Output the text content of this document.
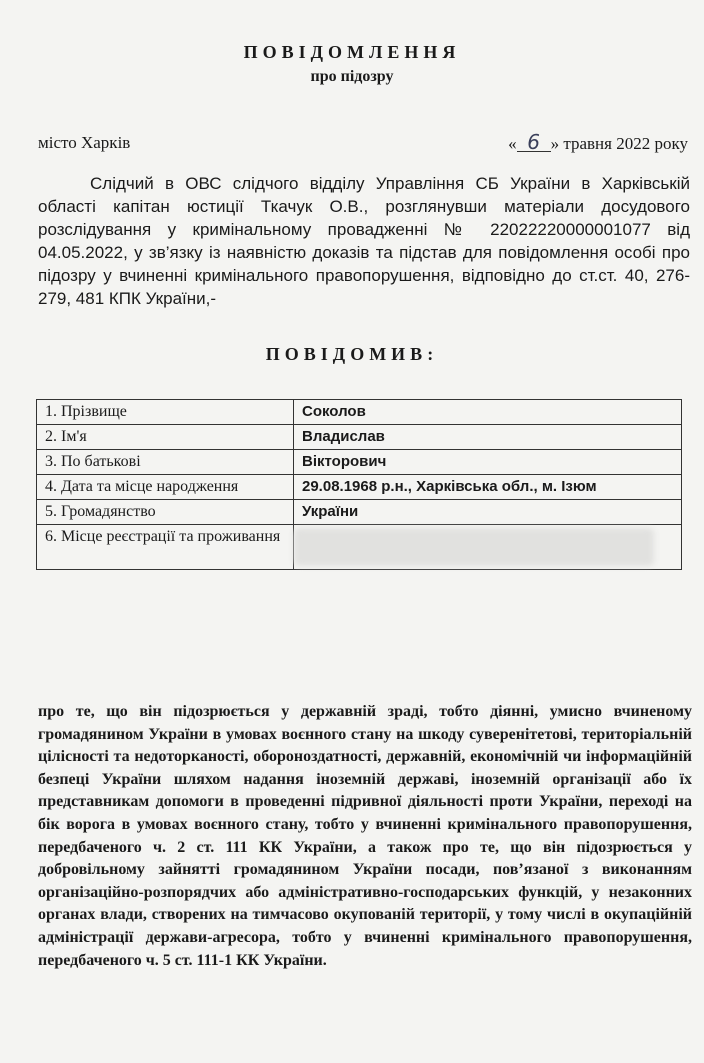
ПОВІДОМЛЕННЯ
про підозру
місто Харків	« 6 » травня 2022 року
Слідчий в ОВС слідчого відділу Управління СБ України в Харківській області капітан юстиції Ткачук О.В., розглянувши матеріали досудового розслідування у кримінальному провадженні № 22022220000001077 від 04.05.2022, у зв’язку із наявністю доказів та підстав для повідомлення особі про підозру у вчиненні кримінального правопорушення, відповідно до ст.ст. 40, 276-279, 481 КПК України,-
ПОВІДОМИВ:
1. Прізвище	Соколов
2. Ім'я	Владислав
3. По батькові	Вікторович
4. Дата та місце народження	29.08.1968 р.н., Харківська обл., м. Ізюм
5. Громадянство	України
6. Місце реєстрації та проживання	
про те, що він підозрюється у державній зраді, тобто діянні, умисно вчиненому громадянином України в умовах воєнного стану на шкоду суверенітетові, територіальній цілісності та недоторканості, обороноздатності, державній, економічній чи інформаційній безпеці України шляхом надання іноземній державі, іноземній організації або їх представникам допомоги в проведенні підривної діяльності проти України, переході на бік ворога в умовах воєнного стану, тобто у вчиненні кримінального правопорушення, передбаченого ч. 2 ст. 111 КК України, а також про те, що він підозрюється у добровільному зайнятті громадянином України посади, пов’язаної з виконанням організаційно-розпорядчих або адміністративно-господарських функцій, у незаконних органах влади, створених на тимчасово окупованій території, у тому числі в окупаційній адміністрації держави-агресора, тобто у вчиненні кримінального правопорушення, передбаченого ч. 5 ст. 111-1 КК України.
